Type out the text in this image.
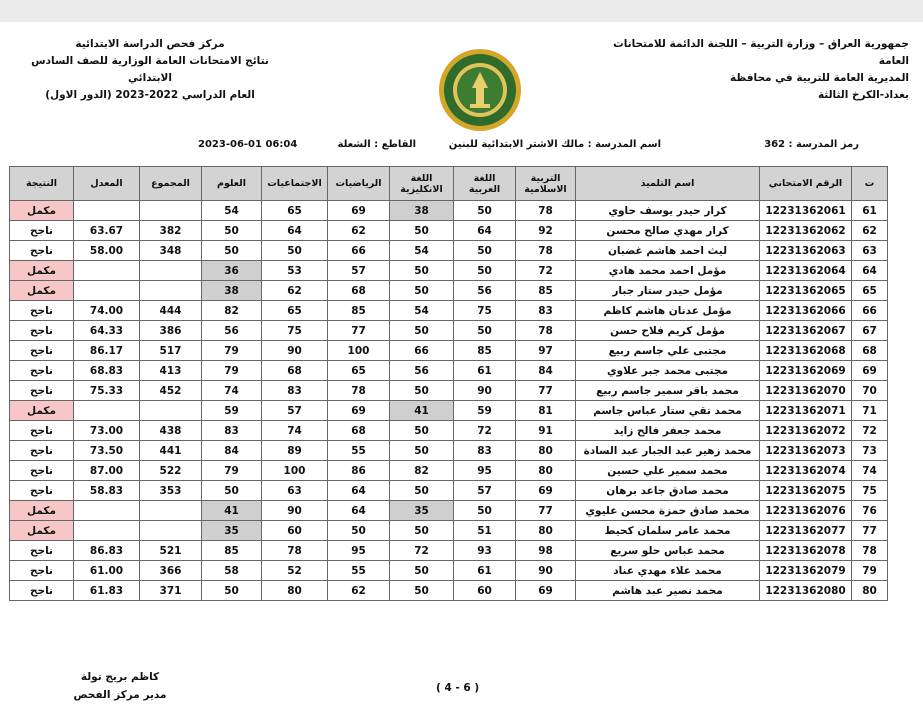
جمهورية العراق – وزارة التربية – اللجنة الدائمة للامتحانات العامة
المديرية العامة للتربية في محافظة
بغداد-الكرخ الثالثة
مركز فحص الدراسة الابتدائية
نتائج الامتحانات العامة الوزارية للصف السادس الابتدائي
العام الدراسي 2022-2023 (الدور الاول)
رمز المدرسة : 362
اسم المدرسة : مالك الاشتر الابتدائية للبنين
القاطع : الشعلة
2023-06-01 06:04
ت	الرقم الامتحاني	اسم التلميذ	التربية الاسلامية	اللغة العربية	اللغة الانكليزية	الرياضيات	الاجتماعيات	العلوم	المجموع	المعدل	النتيجة
61	12231362061	كرار حيدر يوسف حاوي	78	50	38	69	65	54			مكمل
62	12231362062	كرار مهدي صالح محسن	92	64	50	62	64	50	382	63.67	ناجح
63	12231362063	ليث احمد هاشم غضبان	78	50	54	66	50	50	348	58.00	ناجح
64	12231362064	مؤمل احمد محمد هادي	72	50	50	57	53	36			مكمل
65	12231362065	مؤمل حيدر ستار جبار	85	56	50	68	62	38			مكمل
66	12231362066	مؤمل عدنان هاشم كاظم	83	75	54	85	65	82	444	74.00	ناجح
67	12231362067	مؤمل كريم فلاح حسن	78	50	50	77	75	56	386	64.33	ناجح
68	12231362068	مجتبى علي جاسم ربيع	97	85	66	100	90	79	517	86.17	ناجح
69	12231362069	مجتبى محمد جبر علاوي	84	61	56	65	68	79	413	68.83	ناجح
70	12231362070	محمد باقر سمير جاسم ربيع	77	90	50	78	83	74	452	75.33	ناجح
71	12231362071	محمد تقي ستار عباس جاسم	81	59	41	69	57	59			مكمل
72	12231362072	محمد جعفر فالح زايد	91	72	50	68	74	83	438	73.00	ناجح
73	12231362073	محمد زهير عبد الجبار عبد السادة	80	83	50	55	89	84	441	73.50	ناجح
74	12231362074	محمد سمير علي حسين	80	95	82	86	100	79	522	87.00	ناجح
75	12231362075	محمد صادق جاعد برهان	69	57	50	64	63	50	353	58.83	ناجح
76	12231362076	محمد صادق حمزة محسن عليوي	77	50	35	64	90	41			مكمل
77	12231362077	محمد عامر سلمان كحيط	80	51	50	50	60	35			مكمل
78	12231362078	محمد عباس حلو سريع	98	93	72	95	78	85	521	86.83	ناجح
79	12231362079	محمد علاء مهدي عناد	90	61	50	55	52	58	366	61.00	ناجح
80	12231362080	محمد نصير عبد هاشم	69	60	50	62	80	50	371	61.83	ناجح
كاظم بريج تولة
مدير مركز الفحص
( 4 - 6 )
